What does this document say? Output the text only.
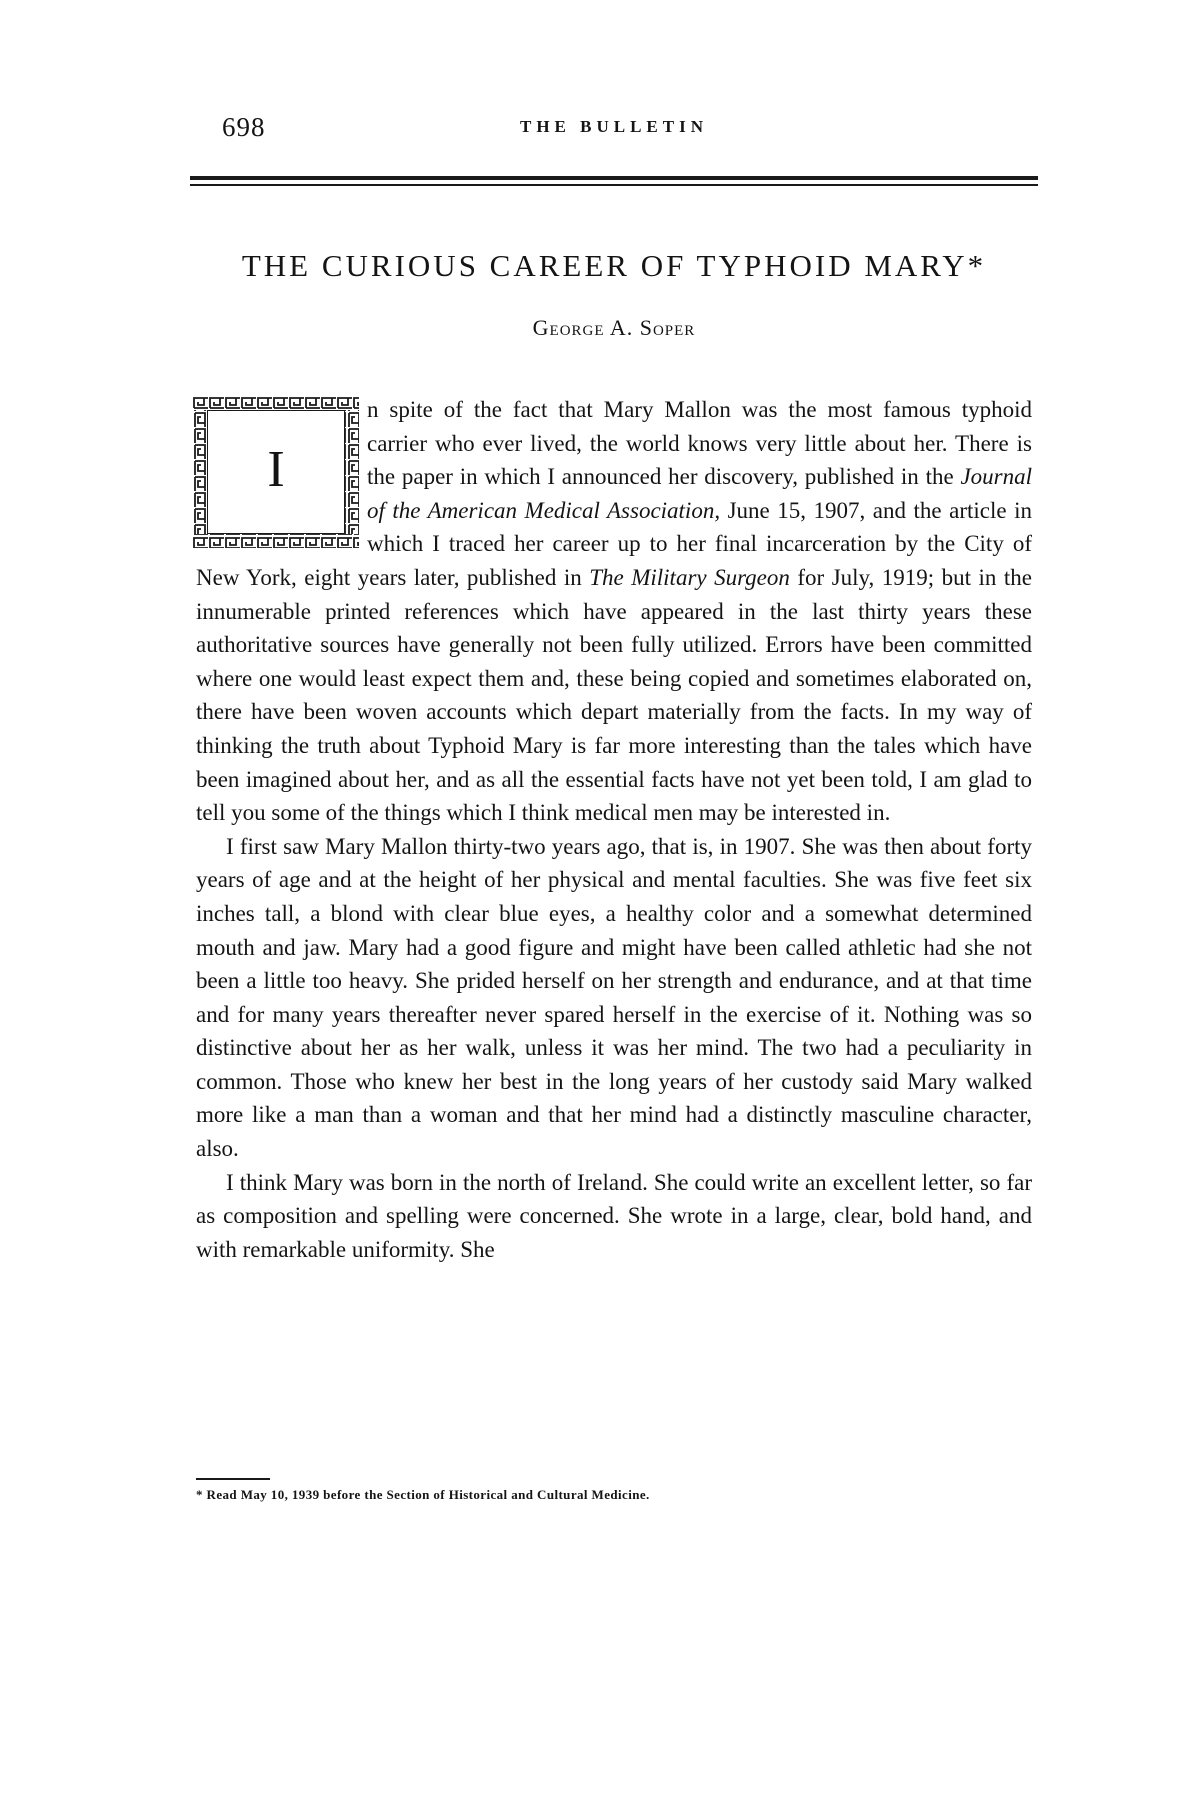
698	THE BULLETIN
THE CURIOUS CAREER OF TYPHOID MARY*
George A. Soper

I
n spite of the fact that Mary Mallon was the most famous typhoid carrier who ever lived, the world knows very little about her. There is the paper in which I announced her discovery, published in the Journal of the American Medical Association, June 15, 1907, and the article in which I traced her career up to her final incarceration by the City of New York, eight years later, published in The Military Surgeon for July, 1919; but in the innumerable printed references which have appeared in the last thirty years these authoritative sources have generally not been fully utilized. Errors have been committed where one would least expect them and, these being copied and sometimes elaborated on, there have been woven accounts which depart materially from the facts. In my way of thinking the truth about Typhoid Mary is far more interesting than the tales which have been imagined about her, and as all the essential facts have not yet been told, I am glad to tell you some of the things which I think medical men may be interested in.

I first saw Mary Mallon thirty-two years ago, that is, in 1907. She was then about forty years of age and at the height of her physical and mental faculties. She was five feet six inches tall, a blond with clear blue eyes, a healthy color and a somewhat determined mouth and jaw. Mary had a good figure and might have been called athletic had she not been a little too heavy. She prided herself on her strength and endurance, and at that time and for many years thereafter never spared herself in the exercise of it. Nothing was so distinctive about her as her walk, unless it was her mind. The two had a peculiarity in common. Those who knew her best in the long years of her custody said Mary walked more like a man than a woman and that her mind had a distinctly masculine character, also.

I think Mary was born in the north of Ireland. She could write an excellent letter, so far as composition and spelling were concerned. She wrote in a large, clear, bold hand, and with remarkable uniformity. She

* Read May 10, 1939 before the Section of Historical and Cultural Medicine.
